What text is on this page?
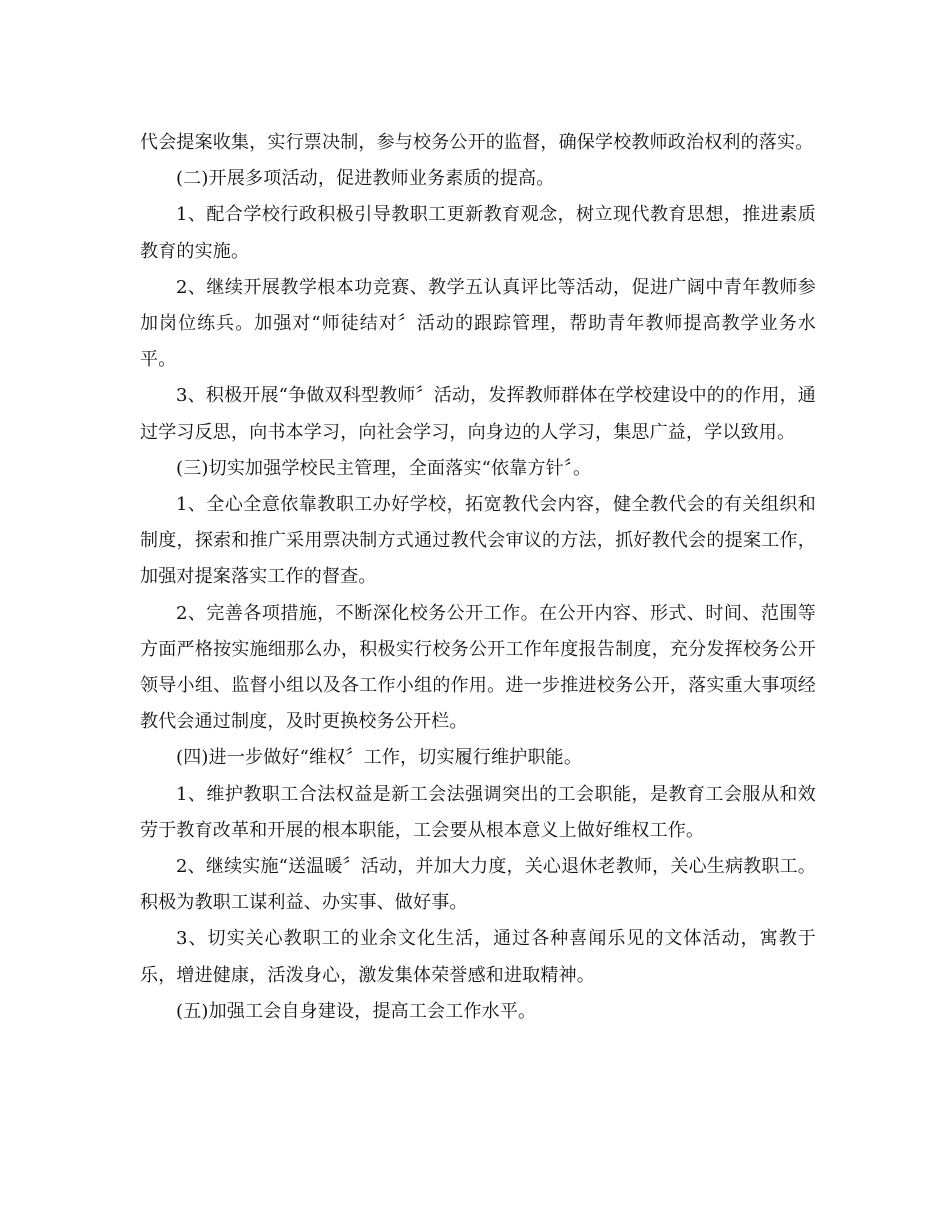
代会提案收集，实行票决制，参与校务公开的监督，确保学校教师政治权利的落实。

(二)开展多项活动，促进教师业务素质的提高。

1、配合学校行政积极引导教职工更新教育观念，树立现代教育思想，推进素质教育的实施。

2、继续开展教学根本功竞赛、教学五认真评比等活动，促进广阔中青年教师参加岗位练兵。加强对“师徒结对〞活动的跟踪管理，帮助青年教师提高教学业务水平。

3、积极开展“争做双科型教师〞活动，发挥教师群体在学校建设中的的作用，通过学习反思，向书本学习，向社会学习，向身边的人学习，集思广益，学以致用。

(三)切实加强学校民主管理，全面落实“依靠方针〞。

1、全心全意依靠教职工办好学校，拓宽教代会内容，健全教代会的有关组织和制度，探索和推广采用票决制方式通过教代会审议的方法，抓好教代会的提案工作，加强对提案落实工作的督查。

2、完善各项措施，不断深化校务公开工作。在公开内容、形式、时间、范围等方面严格按实施细那么办，积极实行校务公开工作年度报告制度，充分发挥校务公开领导小组、监督小组以及各工作小组的作用。进一步推进校务公开，落实重大事项经教代会通过制度，及时更换校务公开栏。

(四)进一步做好“维权〞工作，切实履行维护职能。

1、维护教职工合法权益是新工会法强调突出的工会职能，是教育工会服从和效劳于教育改革和开展的根本职能，工会要从根本意义上做好维权工作。

2、继续实施“送温暖〞活动，并加大力度，关心退休老教师，关心生病教职工。积极为教职工谋利益、办实事、做好事。

3、切实关心教职工的业余文化生活，通过各种喜闻乐见的文体活动，寓教于乐，增进健康，活泼身心，激发集体荣誉感和进取精神。

(五)加强工会自身建设，提高工会工作水平。
